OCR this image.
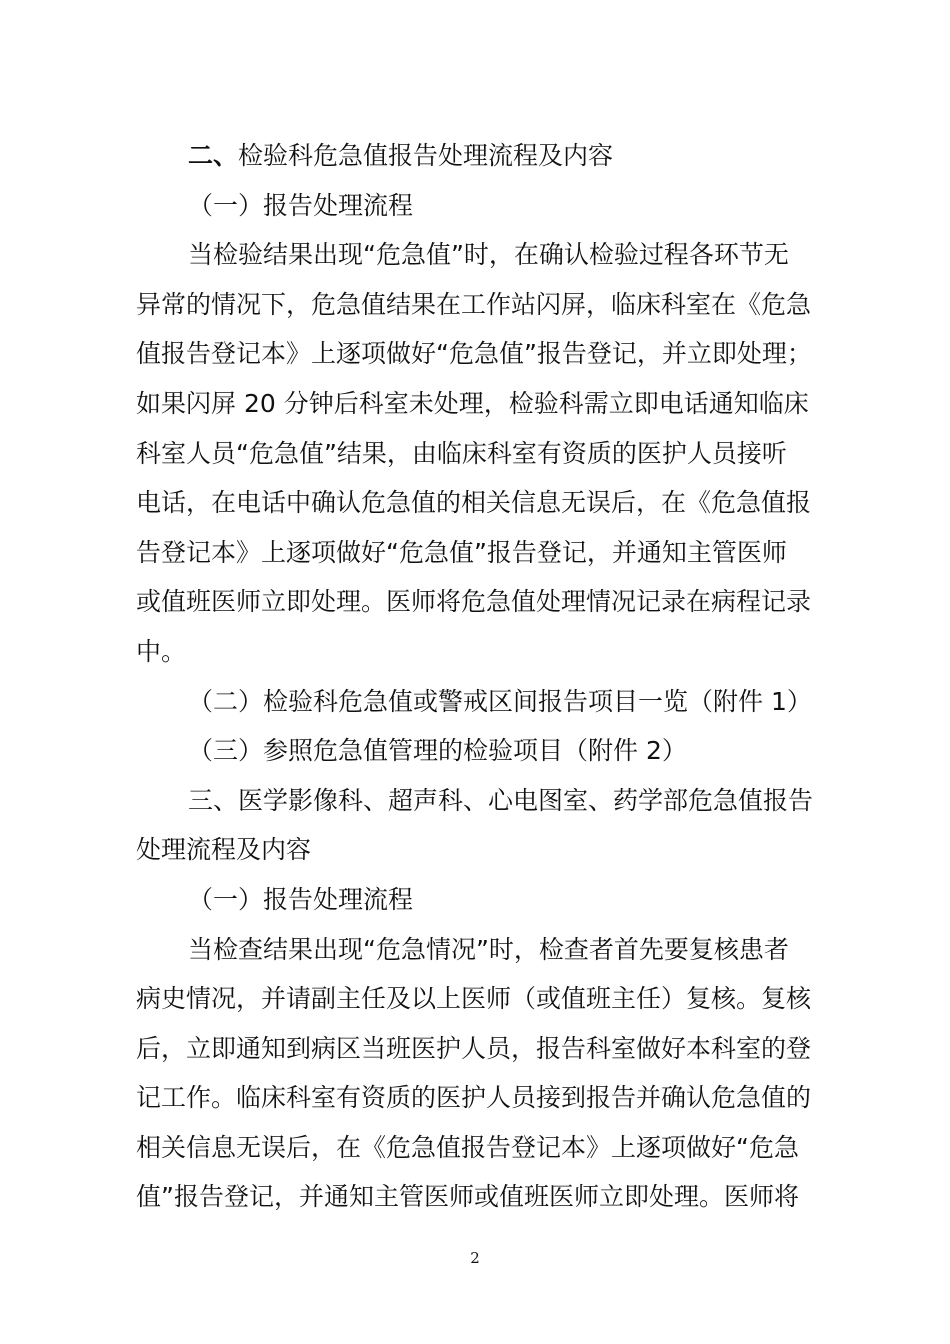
二、检验科危急值报告处理流程及内容
（一）报告处理流程
当检验结果出现“危急值”时，在确认检验过程各环节无
异常的情况下，危急值结果在工作站闪屏，临床科室在《危急
值报告登记本》上逐项做好“危急值”报告登记，并立即处理；
如果闪屏 20 分钟后科室未处理，检验科需立即电话通知临床
科室人员“危急值”结果，由临床科室有资质的医护人员接听
电话，在电话中确认危急值的相关信息无误后，在《危急值报
告登记本》上逐项做好“危急值”报告登记，并通知主管医师
或值班医师立即处理。医师将危急值处理情况记录在病程记录
中。
（二）检验科危急值或警戒区间报告项目一览（附件 1）
（三）参照危急值管理的检验项目（附件 2）
三、医学影像科、超声科、心电图室、药学部危急值报告
处理流程及内容
（一）报告处理流程
当检查结果出现“危急情况”时，检查者首先要复核患者
病史情况，并请副主任及以上医师（或值班主任）复核。复核
后，立即通知到病区当班医护人员，报告科室做好本科室的登
记工作。临床科室有资质的医护人员接到报告并确认危急值的
相关信息无误后，在《危急值报告登记本》上逐项做好“危急
值”报告登记，并通知主管医师或值班医师立即处理。医师将
2
